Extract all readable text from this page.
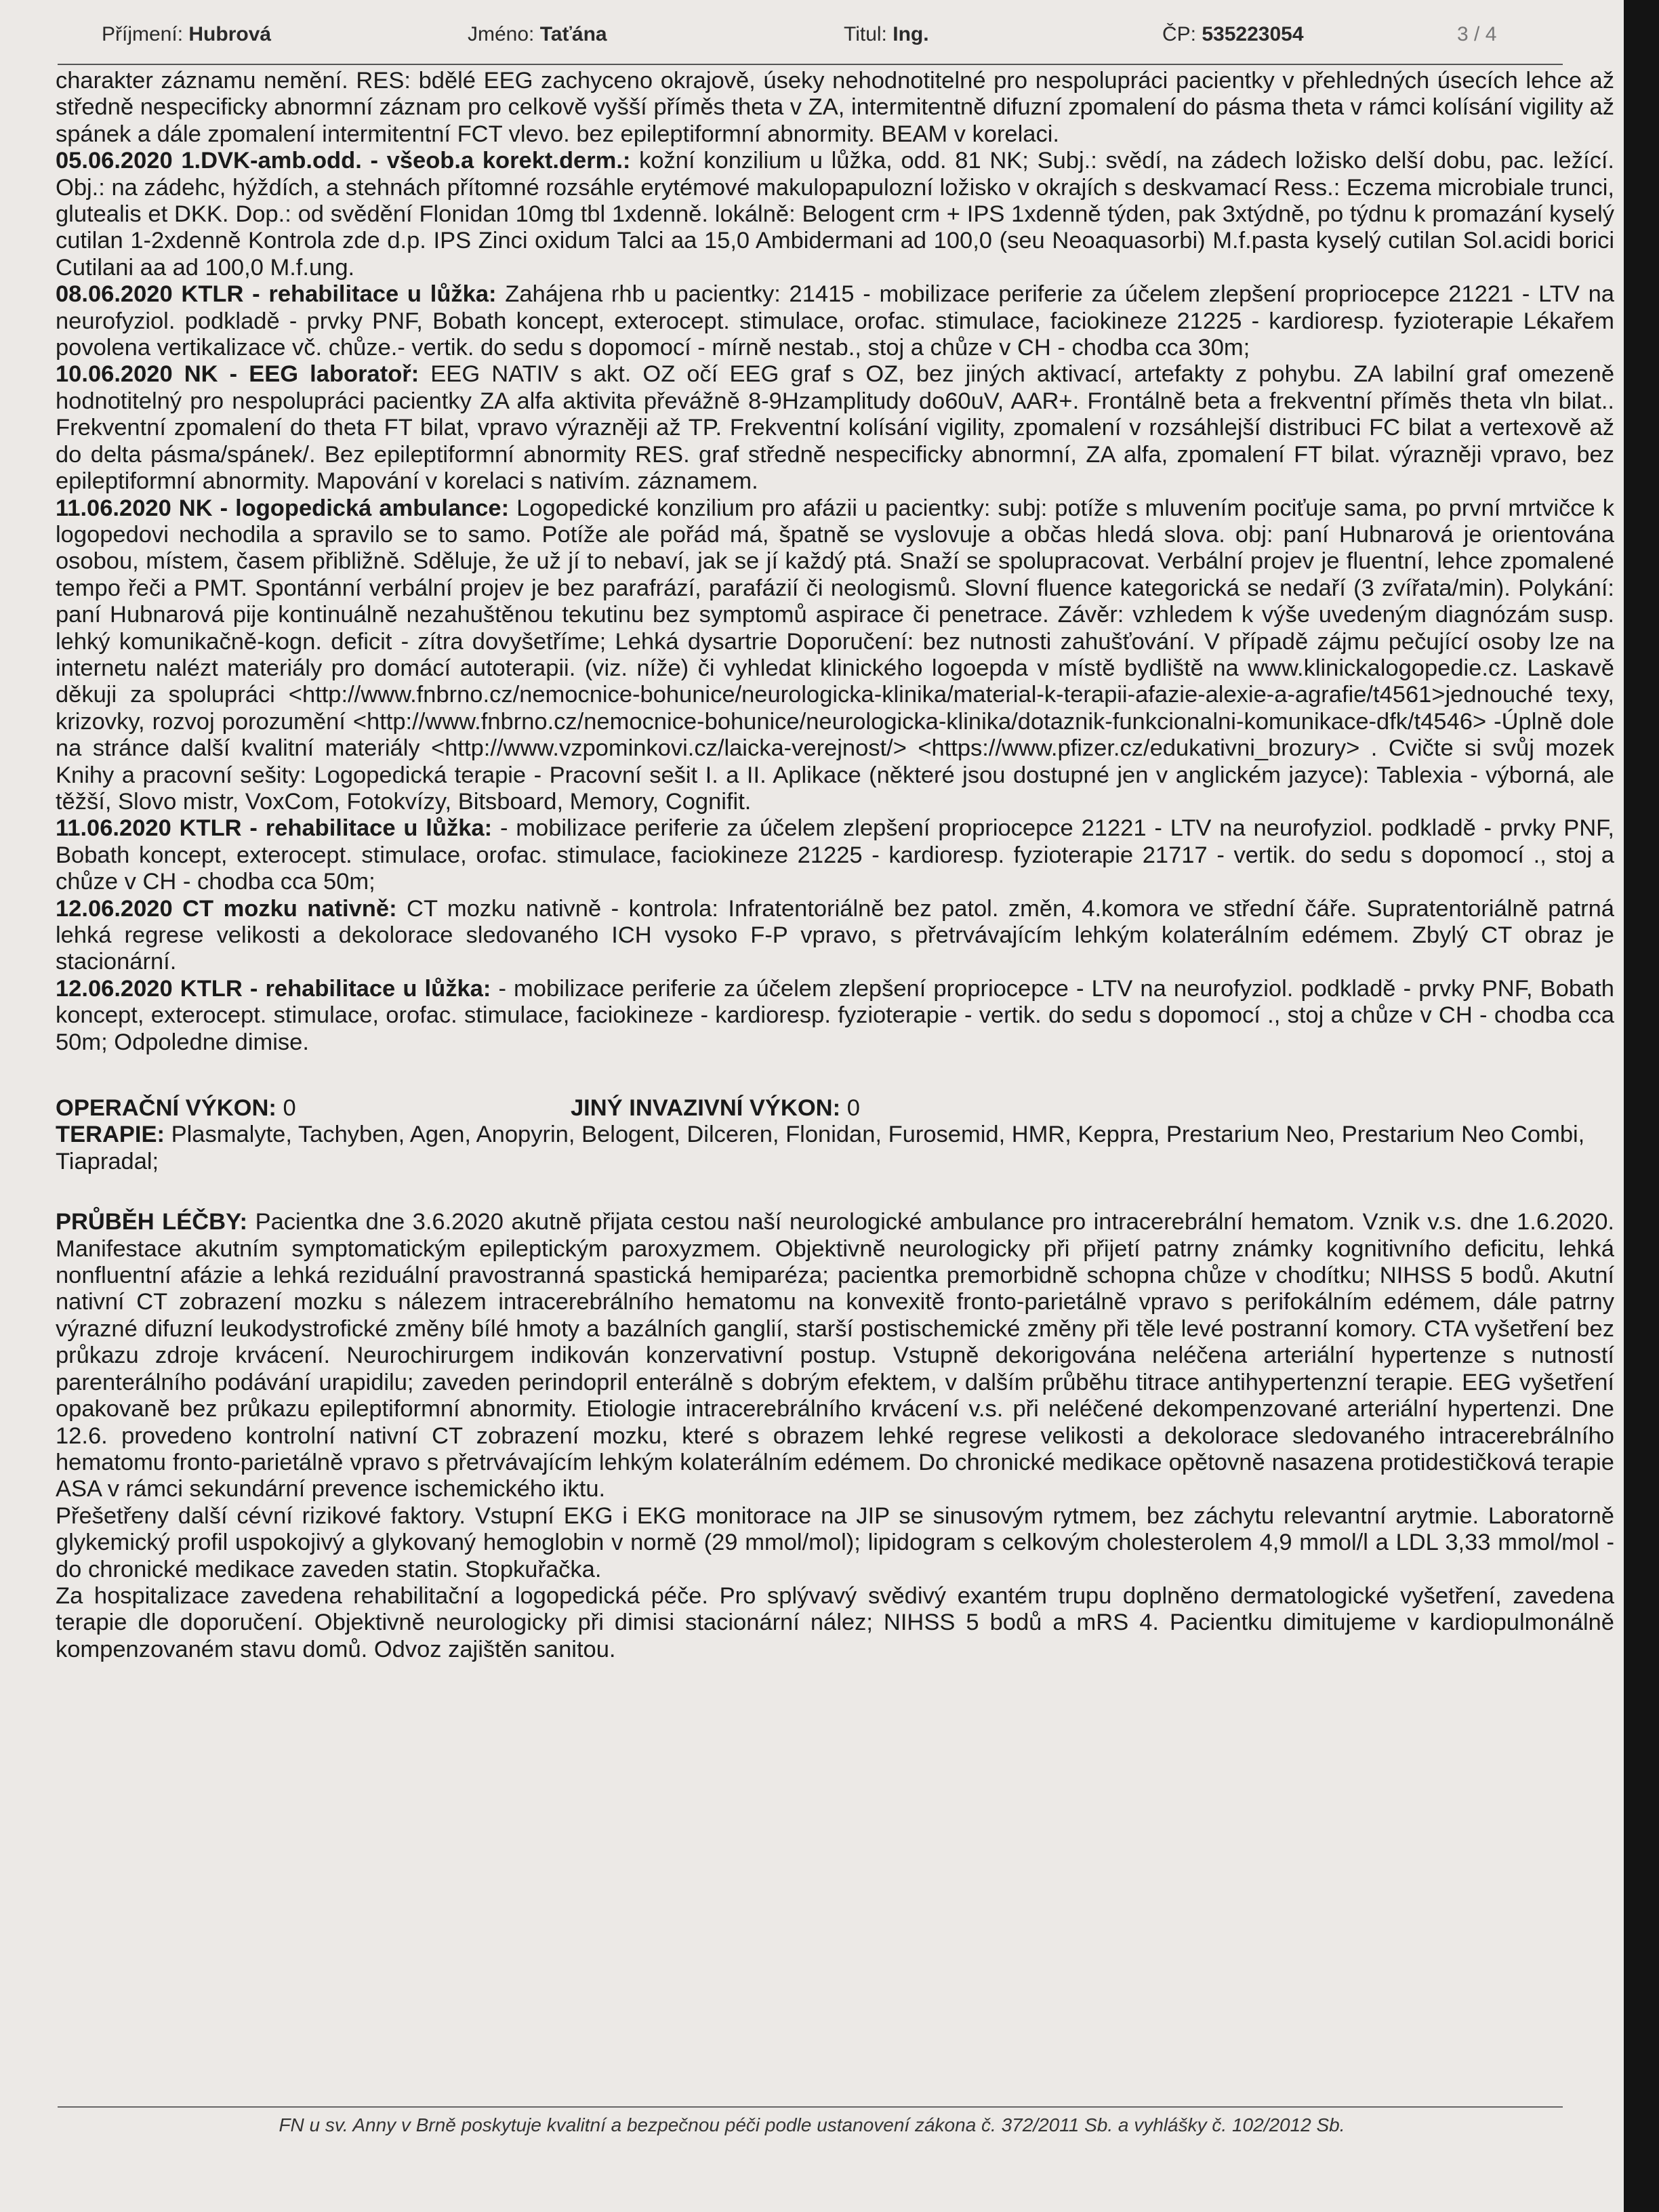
Příjmení: Hubrová	Jméno: Taťána	Titul: Ing.	ČP: 535223054	3 / 4

charakter záznamu nemění. RES: bdělé EEG zachyceno okrajově, úseky nehodnotitelné pro nespolupráci pacientky v přehledných úsecích lehce až středně nespecificky abnormní záznam pro celkově vyšší příměs theta v ZA, intermitentně difuzní zpomalení do pásma theta v rámci kolísání vigility až spánek a dále zpomalení intermitentní FCT vlevo. bez epileptiformní abnormity. BEAM v korelaci.

05.06.2020 1.DVK-amb.odd. - všeob.a korekt.derm.: kožní konzilium u lůžka, odd. 81 NK; Subj.: svědí, na zádech ložisko delší dobu, pac. ležící. Obj.: na zádehc, hýždích, a stehnách přítomné rozsáhle erytémové makulopapulozní ložisko v okrajích s deskvamací Ress.: Eczema microbiale trunci, glutealis et DKK. Dop.: od svědění Flonidan 10mg tbl 1xdenně. lokálně: Belogent crm + IPS 1xdenně týden, pak 3xtýdně, po týdnu k promazání kyselý cutilan 1-2xdenně Kontrola zde d.p. IPS Zinci oxidum Talci aa 15,0 Ambidermani ad 100,0 (seu Neoaquasorbi) M.f.pasta kyselý cutilan Sol.acidi borici Cutilani aa ad 100,0 M.f.ung.

08.06.2020 KTLR - rehabilitace u lůžka: Zahájena rhb u pacientky: 21415 - mobilizace periferie za účelem zlepšení propriocepce 21221 - LTV na neurofyziol. podkladě - prvky PNF, Bobath koncept, exterocept. stimulace, orofac. stimulace, faciokineze 21225 - kardioresp. fyzioterapie Lékařem povolena vertikalizace vč. chůze.- vertik. do sedu s dopomocí - mírně nestab., stoj a chůze v CH - chodba cca 30m;

10.06.2020 NK - EEG laboratoř: EEG NATIV s akt. OZ očí EEG graf s OZ, bez jiných aktivací, artefakty z pohybu. ZA labilní graf omezeně hodnotitelný pro nespolupráci pacientky ZA alfa aktivita převážně 8-9Hzamplitudy do60uV, AAR+. Frontálně beta a frekventní příměs theta vln bilat.. Frekventní zpomalení do theta FT bilat, vpravo výrazněji až TP. Frekventní kolísání vigility, zpomalení v rozsáhlejší distribuci FC bilat a vertexově až do delta pásma/spánek/. Bez epileptiformní abnormity RES. graf středně nespecificky abnormní, ZA alfa, zpomalení FT bilat. výrazněji vpravo, bez epileptiformní abnormity. Mapování v korelaci s nativím. záznamem.

11.06.2020 NK - logopedická ambulance: Logopedické konzilium pro afázii u pacientky: subj: potíže s mluvením pociťuje sama, po první mrtvičce k logopedovi nechodila a spravilo se to samo. Potíže ale pořád má, špatně se vyslovuje a občas hledá slova. obj: paní Hubnarová je orientována osobou, místem, časem přibližně. Sděluje, že už jí to nebaví, jak se jí každý ptá. Snaží se spolupracovat. Verbální projev je fluentní, lehce zpomalené tempo řeči a PMT. Spontánní verbální projev je bez parafrází, parafázií či neologismů. Slovní fluence kategorická se nedaří (3 zvířata/min). Polykání: paní Hubnarová pije kontinuálně nezahuštěnou tekutinu bez symptomů aspirace či penetrace. Závěr: vzhledem k výše uvedeným diagnózám susp. lehký komunikačně-kogn. deficit - zítra dovyšetříme; Lehká dysartrie Doporučení: bez nutnosti zahušťování. V případě zájmu pečující osoby lze na internetu nalézt materiály pro domácí autoterapii. (viz. níže) či vyhledat klinického logoepda v místě bydliště na www.klinickalogopedie.cz. Laskavě děkuji za spolupráci <http://www.fnbrno.cz/nemocnice-bohunice/neurologicka-klinika/material-k-terapii-afazie-alexie-a-agrafie/t4561>jednouché texy, krizovky, rozvoj porozumění <http://www.fnbrno.cz/nemocnice-bohunice/neurologicka-klinika/dotaznik-funkcionalni-komunikace-dfk/t4546> -Úplně dole na stránce další kvalitní materiály <http://www.vzpominkovi.cz/laicka-verejnost/> <https://www.pfizer.cz/edukativni_brozury> . Cvičte si svůj mozek Knihy a pracovní sešity: Logopedická terapie - Pracovní sešit I. a II. Aplikace (některé jsou dostupné jen v anglickém jazyce): Tablexia - výborná, ale těžší, Slovo mistr, VoxCom, Fotokvízy, Bitsboard, Memory, Cognifit.

11.06.2020 KTLR - rehabilitace u lůžka: - mobilizace periferie za účelem zlepšení propriocepce 21221 - LTV na neurofyziol. podkladě - prvky PNF, Bobath koncept, exterocept. stimulace, orofac. stimulace, faciokineze 21225 - kardioresp. fyzioterapie 21717 - vertik. do sedu s dopomocí ., stoj a chůze v CH - chodba cca 50m;

12.06.2020 CT mozku nativně: CT mozku nativně - kontrola: Infratentoriálně bez patol. změn, 4.komora ve střední čáře. Supratentoriálně patrná lehká regrese velikosti a dekolorace sledovaného ICH vysoko F-P vpravo, s přetrvávajícím lehkým kolaterálním edémem. Zbylý CT obraz je stacionární.

12.06.2020 KTLR - rehabilitace u lůžka: - mobilizace periferie za účelem zlepšení propriocepce - LTV na neurofyziol. podkladě - prvky PNF, Bobath koncept, exterocept. stimulace, orofac. stimulace, faciokineze - kardioresp. fyzioterapie - vertik. do sedu s dopomocí ., stoj a chůze v CH - chodba cca 50m; Odpoledne dimise.

OPERAČNÍ VÝKON: 0	JINÝ INVAZIVNÍ VÝKON: 0

TERAPIE: Plasmalyte, Tachyben, Agen, Anopyrin, Belogent, Dilceren, Flonidan, Furosemid, HMR, Keppra, Prestarium Neo, Prestarium Neo Combi, Tiapradal;

PRŮBĚH LÉČBY: Pacientka dne 3.6.2020 akutně přijata cestou naší neurologické ambulance pro intracerebrální hematom. Vznik v.s. dne 1.6.2020. Manifestace akutním symptomatickým epileptickým paroxyzmem. Objektivně neurologicky při přijetí patrny známky kognitivního deficitu, lehká nonfluentní afázie a lehká reziduální pravostranná spastická hemiparéza; pacientka premorbidně schopna chůze v chodítku; NIHSS 5 bodů. Akutní nativní CT zobrazení mozku s nálezem intracerebrálního hematomu na konvexitě fronto-parietálně vpravo s perifokálním edémem, dále patrny výrazné difuzní leukodystrofické změny bílé hmoty a bazálních ganglií, starší postischemické změny při těle levé postranní komory. CTA vyšetření bez průkazu zdroje krvácení. Neurochirurgem indikován konzervativní postup. Vstupně dekorigována neléčena arteriální hypertenze s nutností parenterálního podávání urapidilu; zaveden perindopril enterálně s dobrým efektem, v dalším průběhu titrace antihypertenzní terapie. EEG vyšetření opakovaně bez průkazu epileptiformní abnormity. Etiologie intracerebrálního krvácení v.s. při neléčené dekompenzované arteriální hypertenzi. Dne 12.6. provedeno kontrolní nativní CT zobrazení mozku, které s obrazem lehké regrese velikosti a dekolorace sledovaného intracerebrálního hematomu fronto-parietálně vpravo s přetrvávajícím lehkým kolaterálním edémem. Do chronické medikace opětovně nasazena protidestičková terapie ASA v rámci sekundární prevence ischemického iktu.

Přešetřeny další cévní rizikové faktory. Vstupní EKG i EKG monitorace na JIP se sinusovým rytmem, bez záchytu relevantní arytmie. Laboratorně glykemický profil uspokojivý a glykovaný hemoglobin v normě (29 mmol/mol); lipidogram s celkovým cholesterolem 4,9 mmol/l a LDL 3,33 mmol/mol - do chronické medikace zaveden statin. Stopkuřačka.

Za hospitalizace zavedena rehabilitační a logopedická péče. Pro splývavý svědivý exantém trupu doplněno dermatologické vyšetření, zavedena terapie dle doporučení. Objektivně neurologicky při dimisi stacionární nález; NIHSS 5 bodů a mRS 4. Pacientku dimitujeme v kardiopulmonálně kompenzovaném stavu domů. Odvoz zajištěn sanitou.

FN u sv. Anny v Brně poskytuje kvalitní a bezpečnou péči podle ustanovení zákona č. 372/2011 Sb. a vyhlášky č. 102/2012 Sb.
